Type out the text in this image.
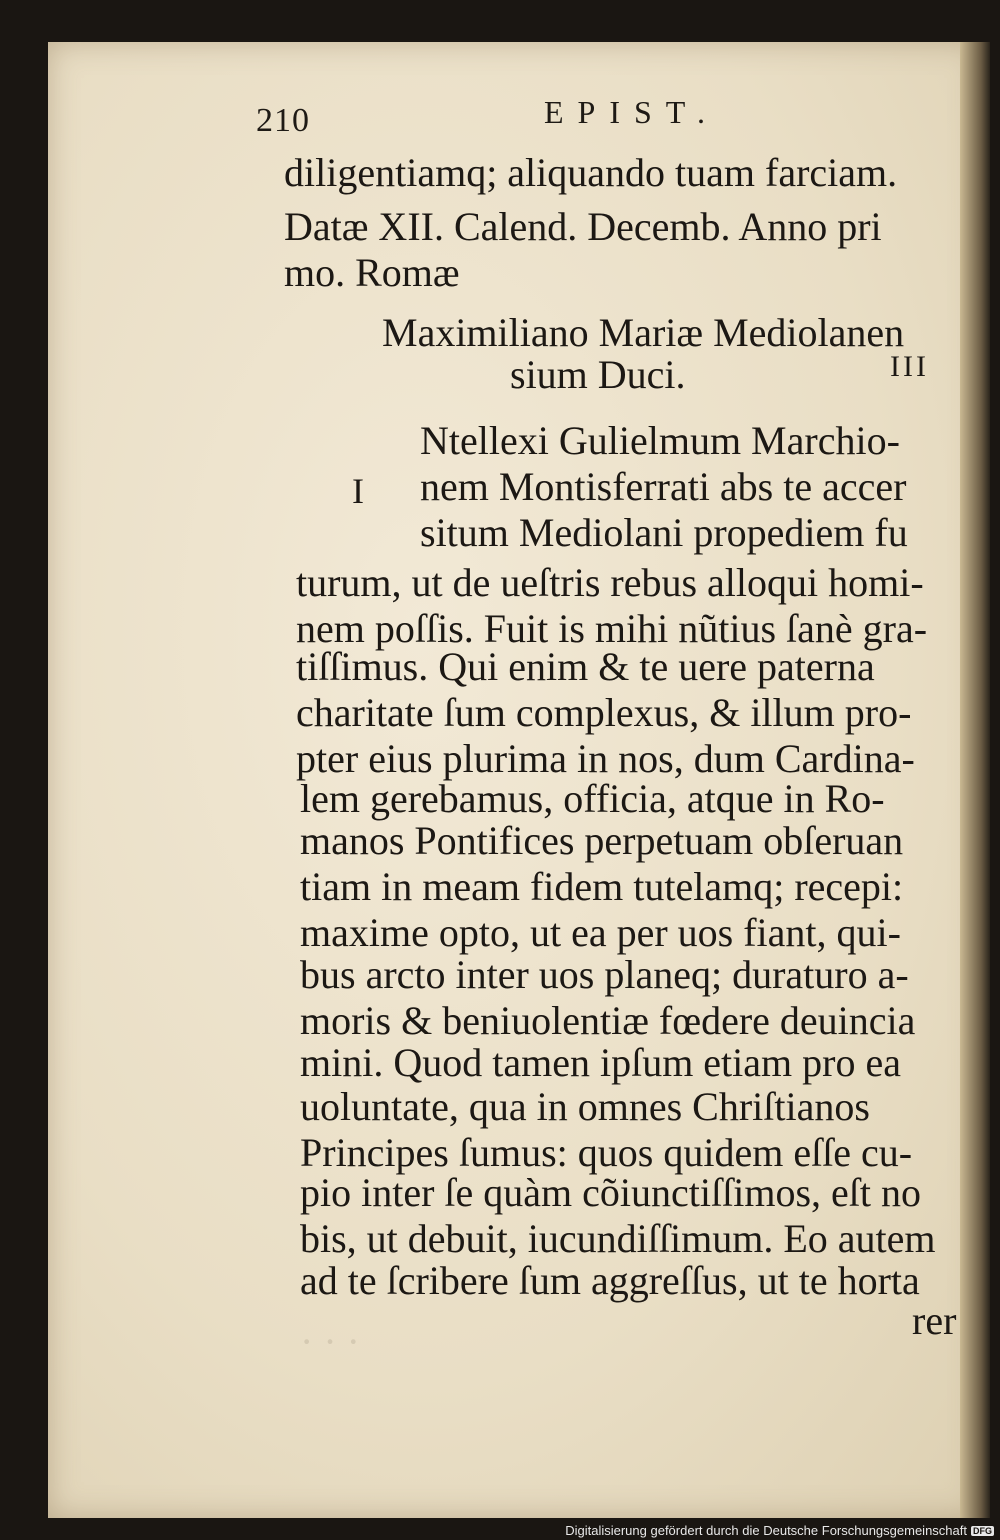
· · ·
210	EPIST.
diligentiamq; aliquando tuam farciam.
Datæ XII. Calend. Decemb. Anno pri
mo. Romæ
Maximiliano Mariæ Mediolanen
sium Duci.	III
I
Ntellexi Gulielmum Marchio-
nem Montisferrati abs te accer
situm Mediolani propediem fu
turum, ut de ueſtris rebus alloqui homi-
nem poſſis. Fuit is mihi nũtius ſanè gra-
tiſſimus. Qui enim & te uere paterna
charitate ſum complexus, & illum pro-
pter eius plurima in nos, dum Cardina-
lem gerebamus, officia, atque in Ro-
manos Pontifices perpetuam obſeruan
tiam in meam fidem tutelamq; recepi:
maxime opto, ut ea per uos fiant, qui-
bus arcto inter uos planeq; duraturo a-
moris & beniuolentiæ fœdere deuincia
mini. Quod tamen ipſum etiam pro ea
uoluntate, qua in omnes Chriſtianos
Principes ſumus: quos quidem eſſe cu-
pio inter ſe quàm cõiunctiſſimos, eſt no
bis, ut debuit, iucundiſſimum. Eo autem
ad te ſcribere ſum aggreſſus, ut te horta
rer
Digitalisierung gefördert durch die Deutsche Forschungsgemeinschaft DFG
